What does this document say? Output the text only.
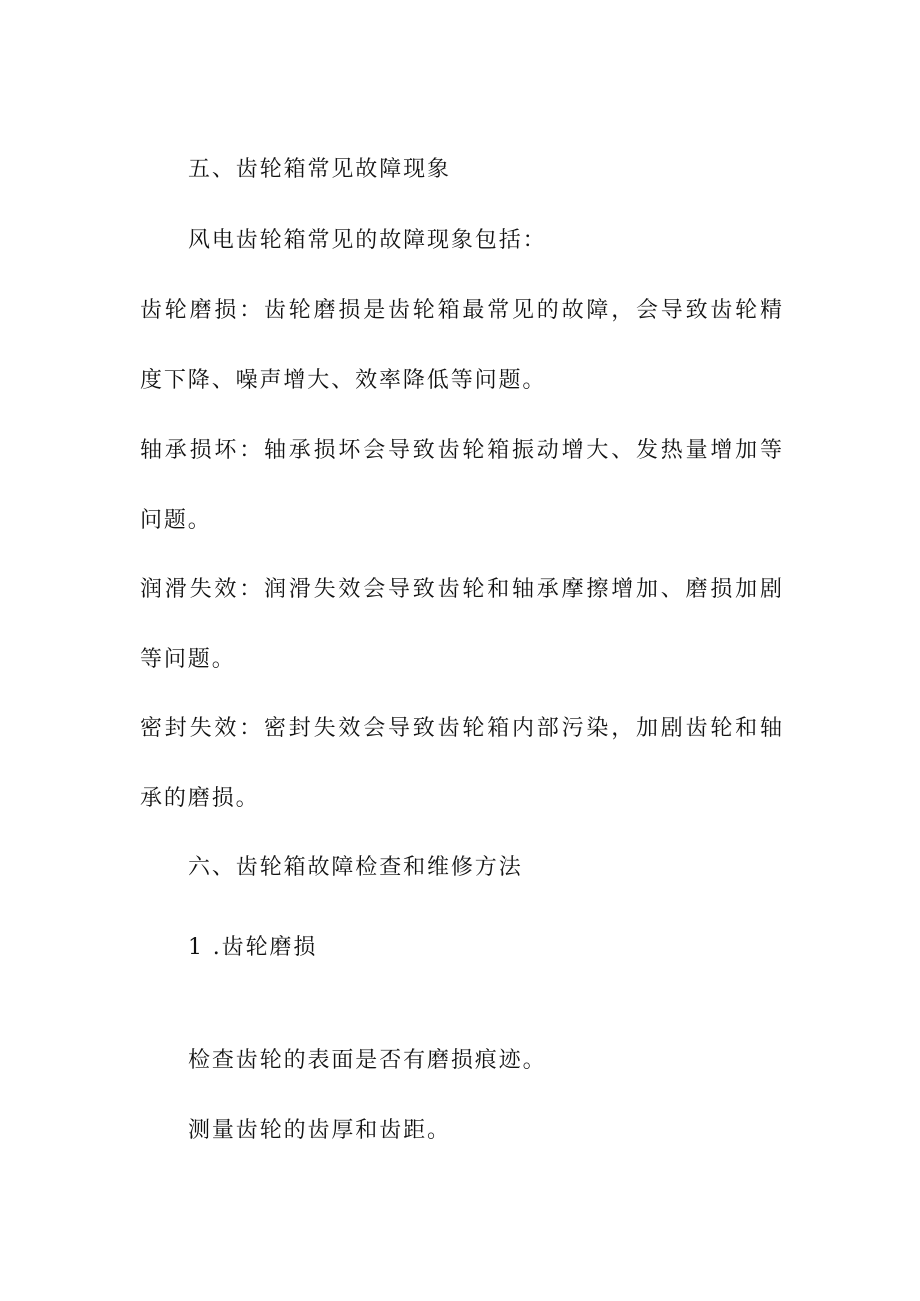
五、齿轮箱常见故障现象
风电齿轮箱常见的故障现象包括：
齿轮磨损：齿轮磨损是齿轮箱最常见的故障，会导致齿轮精
度下降、噪声增大、效率降低等问题。
轴承损坏：轴承损坏会导致齿轮箱振动增大、发热量增加等
问题。
润滑失效：润滑失效会导致齿轮和轴承摩擦增加、磨损加剧
等问题。
密封失效：密封失效会导致齿轮箱内部污染，加剧齿轮和轴
承的磨损。
六、齿轮箱故障检查和维修方法
1 .齿轮磨损
检查齿轮的表面是否有磨损痕迹。
测量齿轮的齿厚和齿距。
